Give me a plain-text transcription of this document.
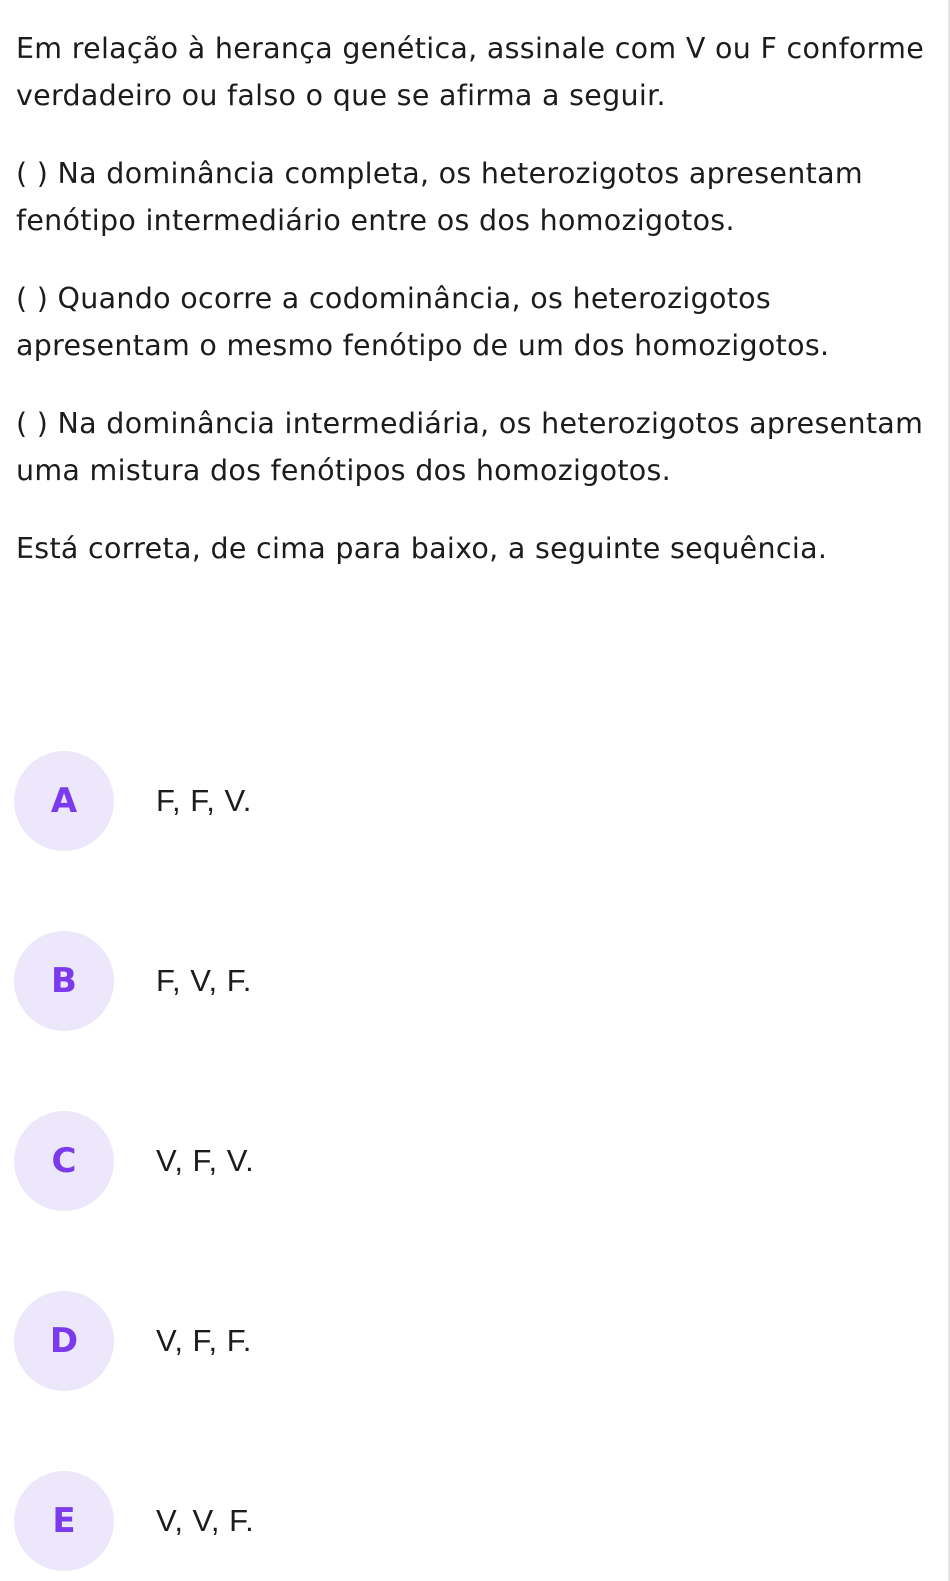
Em relação à herança genética, assinale com V ou F conforme verdadeiro ou falso o que se afirma a seguir.

( ) Na dominância completa, os heterozigotos apresentam fenótipo intermediário entre os dos homozigotos.

( ) Quando ocorre a codominância, os heterozigotos apresentam o mesmo fenótipo de um dos homozigotos.

( ) Na dominância intermediária, os heterozigotos apresentam uma mistura dos fenótipos dos homozigotos.

Está correta, de cima para baixo, a seguinte sequência.

A	F, F, V.
B	F, V, F.
C	V, F, V.
D	V, F, F.
E	V, V, F.
